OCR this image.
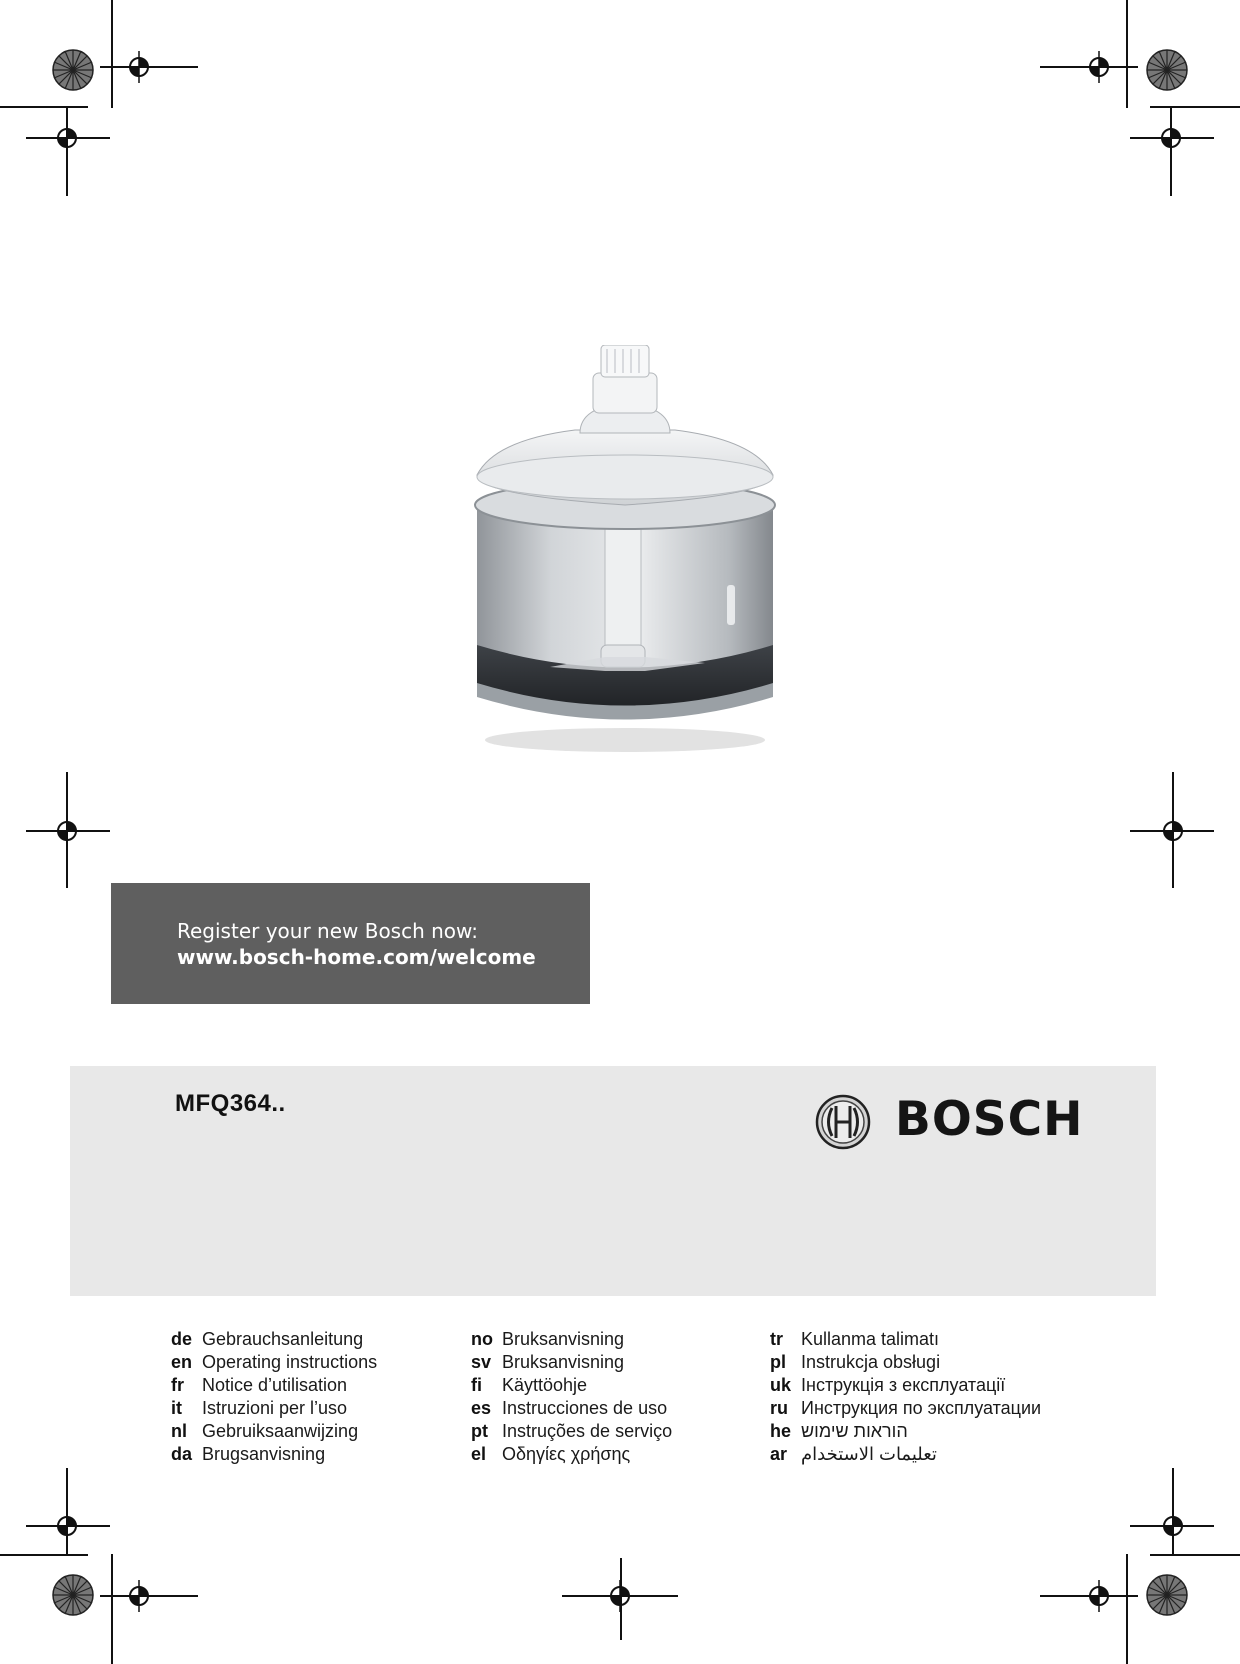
Register your new Bosch now:
www.bosch-home.com/welcome
MFQ364..	BOSCH
de Gebrauchsanleitung
en Operating instructions
fr	Notice d’utilisation
it	Istruzioni per l’uso
nl Gebruiksaanwijzing
da Brugsanvisning
no Bruksanvisning
sv Bruksanvisning
fi	Käyttöohje
es Instrucciones de uso
pt Instruções de serviço
el Οδηγίες χρήσης
tr	Kullanma talimatı
pl Instrukcja obsługi
uk Інструкція з експлуатації
ru Инструкция по эксплуатации
he הוראות שימוש
ar تعليمات الاستخدام
